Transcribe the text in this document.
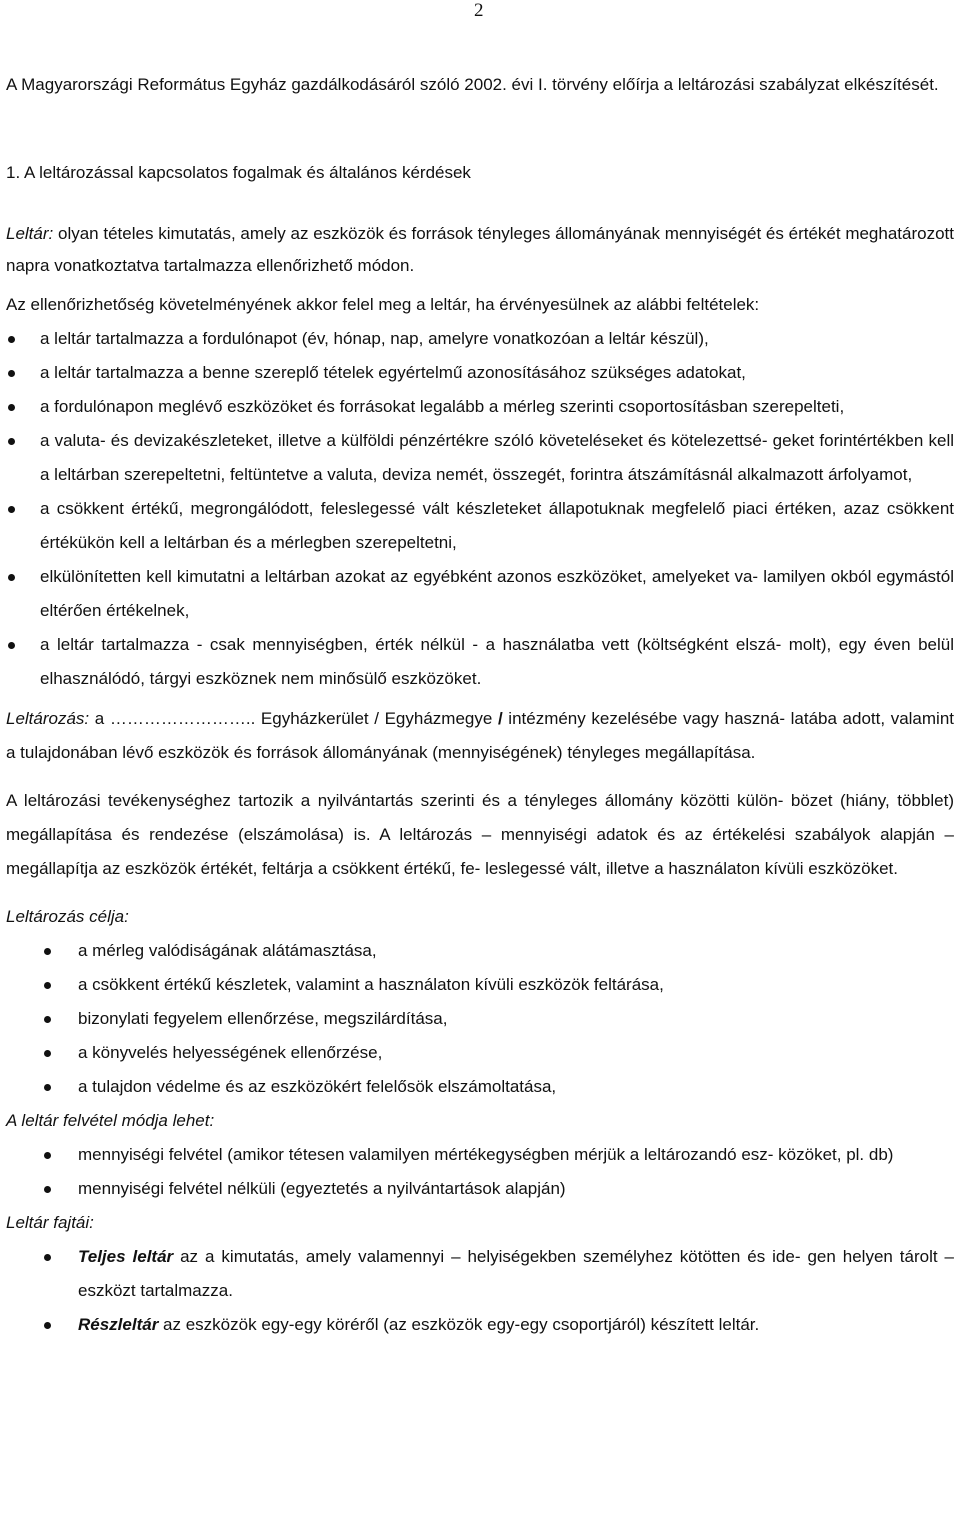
2

A Magyarországi Református Egyház gazdálkodásáról szóló 2002. évi I. törvény előírja a leltározási szabályzat elkészítését.

1. A leltározással kapcsolatos fogalmak és általános kérdések

Leltár: olyan tételes kimutatás, amely az eszközök és források tényleges állományának mennyiségét és értékét meghatározott napra vonatkoztatva tartalmazza ellenőrizhető módon.

Az ellenőrizhetőség követelményének akkor felel meg a leltár, ha érvényesülnek az alábbi feltételek:

a leltár tartalmazza a fordulónapot (év, hónap, nap, amelyre vonatkozóan a leltár készül),
a leltár tartalmazza a benne szereplő tételek egyértelmű azonosításához szükséges adatokat,
a fordulónapon meglévő eszközöket és forrásokat legalább a mérleg szerinti csoportosításban szerepelteti,
a valuta- és devizakészleteket, illetve a külföldi pénzértékre szóló követeléseket és kötelezettsé- geket forintértékben kell a leltárban szerepeltetni, feltüntetve a valuta, deviza nemét, összegét, forintra átszámításnál alkalmazott árfolyamot,
a csökkent értékű, megrongálódott, feleslegessé vált készleteket állapotuknak megfelelő piaci értéken, azaz csökkent értékükön kell a leltárban és a mérlegben szerepeltetni,
elkülönítetten kell kimutatni a leltárban azokat az egyébként azonos eszközöket, amelyeket va- lamilyen okból egymástól eltérően értékelnek,
a leltár tartalmazza - csak mennyiségben, érték nélkül - a használatba vett (költségként elszá- molt), egy éven belül elhasználódó, tárgyi eszköznek nem minősülő eszközöket.

Leltározás: a …………………….. Egyházkerület / Egyházmegye / intézmény kezelésébe vagy haszná- latába adott, valamint a tulajdonában lévő eszközök és források állományának (mennyiségének) tényleges megállapítása.

A leltározási tevékenységhez tartozik a nyilvántartás szerinti és a tényleges állomány közötti külön- bözet (hiány, többlet) megállapítása és rendezése (elszámolása) is. A leltározás – mennyiségi adatok és az értékelési szabályok alapján – megállapítja az eszközök értékét, feltárja a csökkent értékű, fe- leslegessé vált, illetve a használaton kívüli eszközöket.

Leltározás célja:

a mérleg valódiságának alátámasztása,
a csökkent értékű készletek, valamint a használaton kívüli eszközök feltárása,
bizonylati fegyelem ellenőrzése, megszilárdítása,
a könyvelés helyességének ellenőrzése,
a tulajdon védelme és az eszközökért felelősök elszámoltatása,

A leltár felvétel módja lehet:

mennyiségi felvétel (amikor tétesen valamilyen mértékegységben mérjük a leltározandó esz- közöket, pl. db)
mennyiségi felvétel nélküli (egyeztetés a nyilvántartások alapján)

Leltár fajtái:

Teljes leltár az a kimutatás, amely valamennyi – helyiségekben személyhez kötötten és ide- gen helyen tárolt – eszközt tartalmazza.
Részleltár az eszközök egy-egy köréről (az eszközök egy-egy csoportjáról) készített leltár.
